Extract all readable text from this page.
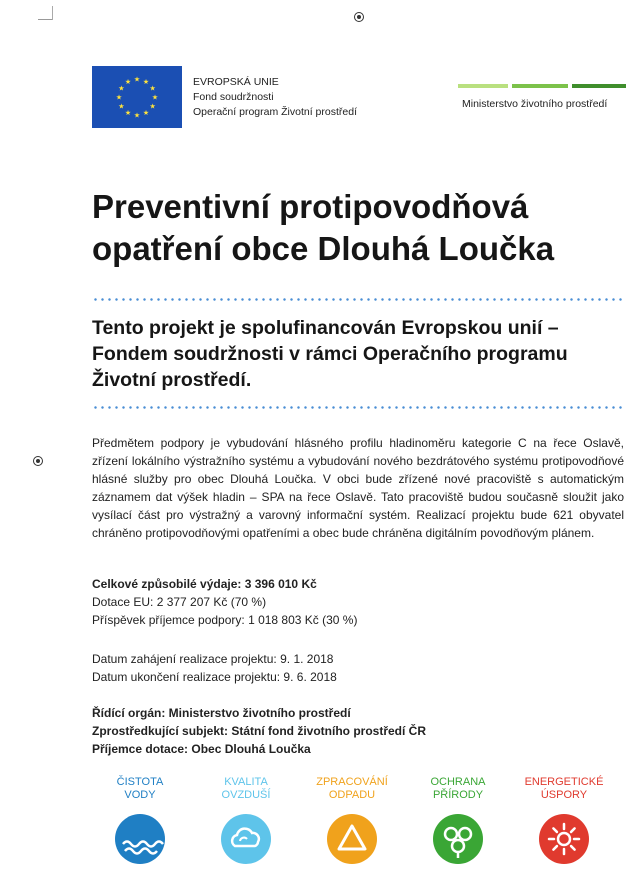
★ ★
★
★
★
★
★
★
★
★
★
★	EVROPSKÁ UNIE
Fond soudržnosti
Operační program Životní prostředí
Ministerstvo životního prostředí
Preventivní protipovodňová
opatření obce Dlouhá Loučka
Tento projekt je spolufinancován Evropskou unií –
Fondem soudržnosti v rámci Operačního programu
Životní prostředí.
Předmětem podpory je vybudování hlásného profilu hladinoměru kategorie C na řece Oslavě, zřízení lokálního výstražního systému a vybudování nového bezdrátového systému protipovodňové hlásné služby pro obec Dlouhá Loučka. V obci bude zřízené nové pracoviště s automatickým záznamem dat výšek hladin – SPA na řece Oslavě. Tato pracoviště budou současně sloužit jako vysílací část pro výstražný a varovný informační systém. Realizací projektu bude 621 obyvatel chráněno protipovodňovými opatřeními a obec bude chráněna digitálním povodňovým plánem.
Celkové způsobilé výdaje: 3 396 010 Kč
Dotace EU: 2 377 207 Kč (70 %)
Příspěvek příjemce podpory: 1 018 803 Kč (30 %)
Datum zahájení realizace projektu: 9. 1. 2018
Datum ukončení realizace projektu: 9. 6. 2018
Řídící orgán: Ministerstvo životního prostředí
Zprostředkující subjekt: Státní fond životního prostředí ČR
Příjemce dotace: Obec Dlouhá Loučka
ČISTOTA
VODY
KVALITA
OVZDUŠÍ
ZPRACOVÁNÍ
ODPADU
OCHRANA
PŘÍRODY
ENERGETICKÉ
ÚSPORY
